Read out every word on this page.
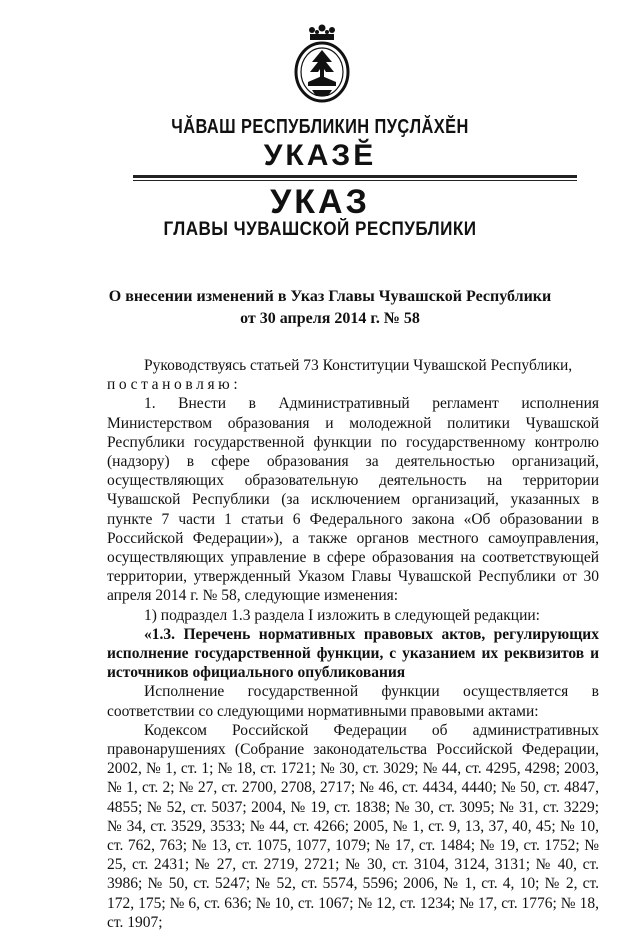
ЧĂВАШ РЕСПУБЛИКИН ПУҪЛĂХĔН
УКАЗĔ
УКАЗ
ГЛАВЫ ЧУВАШСКОЙ РЕСПУБЛИКИ
О внесении изменений в Указ Главы Чувашской Республики
от 30 апреля 2014 г. № 58

Руководствуясь статьей 73 Конституции Чувашской Республики,

постановляю:

1. Внести в Административный регламент исполнения Министерством образования и молодежной политики Чувашской Республики государственной функции по государственному контролю (надзору) в сфере образования за деятельностью организаций, осуществляющих образовательную деятельность на территории Чувашской Республики (за исключением организаций, указанных в пункте 7 части 1 статьи 6 Федерального закона «Об образовании в Российской Федерации»), а также органов местного самоуправления, осуществляющих управление в сфере образования на соответствующей территории, утвержденный Указом Главы Чувашской Республики от 30 апреля 2014 г. № 58, следующие изменения:

1) подраздел 1.3 раздела I изложить в следующей редакции:

«1.3. Перечень нормативных правовых актов, регулирующих исполнение государственной функции, с указанием их реквизитов и источников официального опубликования

Исполнение государственной функции осуществляется в соответствии со следующими нормативными правовыми актами:

Кодексом Российской Федерации об административных правонарушениях (Собрание законодательства Российской Федерации, 2002, № 1, ст. 1; № 18, ст. 1721; № 30, ст. 3029; № 44, ст. 4295, 4298; 2003, № 1, ст. 2; № 27, ст. 2700, 2708, 2717; № 46, ст. 4434, 4440; № 50, ст. 4847, 4855; № 52, ст. 5037; 2004, № 19, ст. 1838; № 30, ст. 3095; № 31, ст. 3229; № 34, ст. 3529, 3533; № 44, ст. 4266; 2005, № 1, ст. 9, 13, 37, 40, 45; № 10, ст. 762, 763; № 13, ст. 1075, 1077, 1079; № 17, ст. 1484; № 19, ст. 1752; № 25, ст. 2431; № 27, ст. 2719, 2721; № 30, ст. 3104, 3124, 3131; № 40, ст. 3986; № 50, ст. 5247; № 52, ст. 5574, 5596; 2006, № 1, ст. 4, 10; № 2, ст. 172, 175; № 6, ст. 636; № 10, ст. 1067; № 12, ст. 1234; № 17, ст. 1776; № 18, ст. 1907;
